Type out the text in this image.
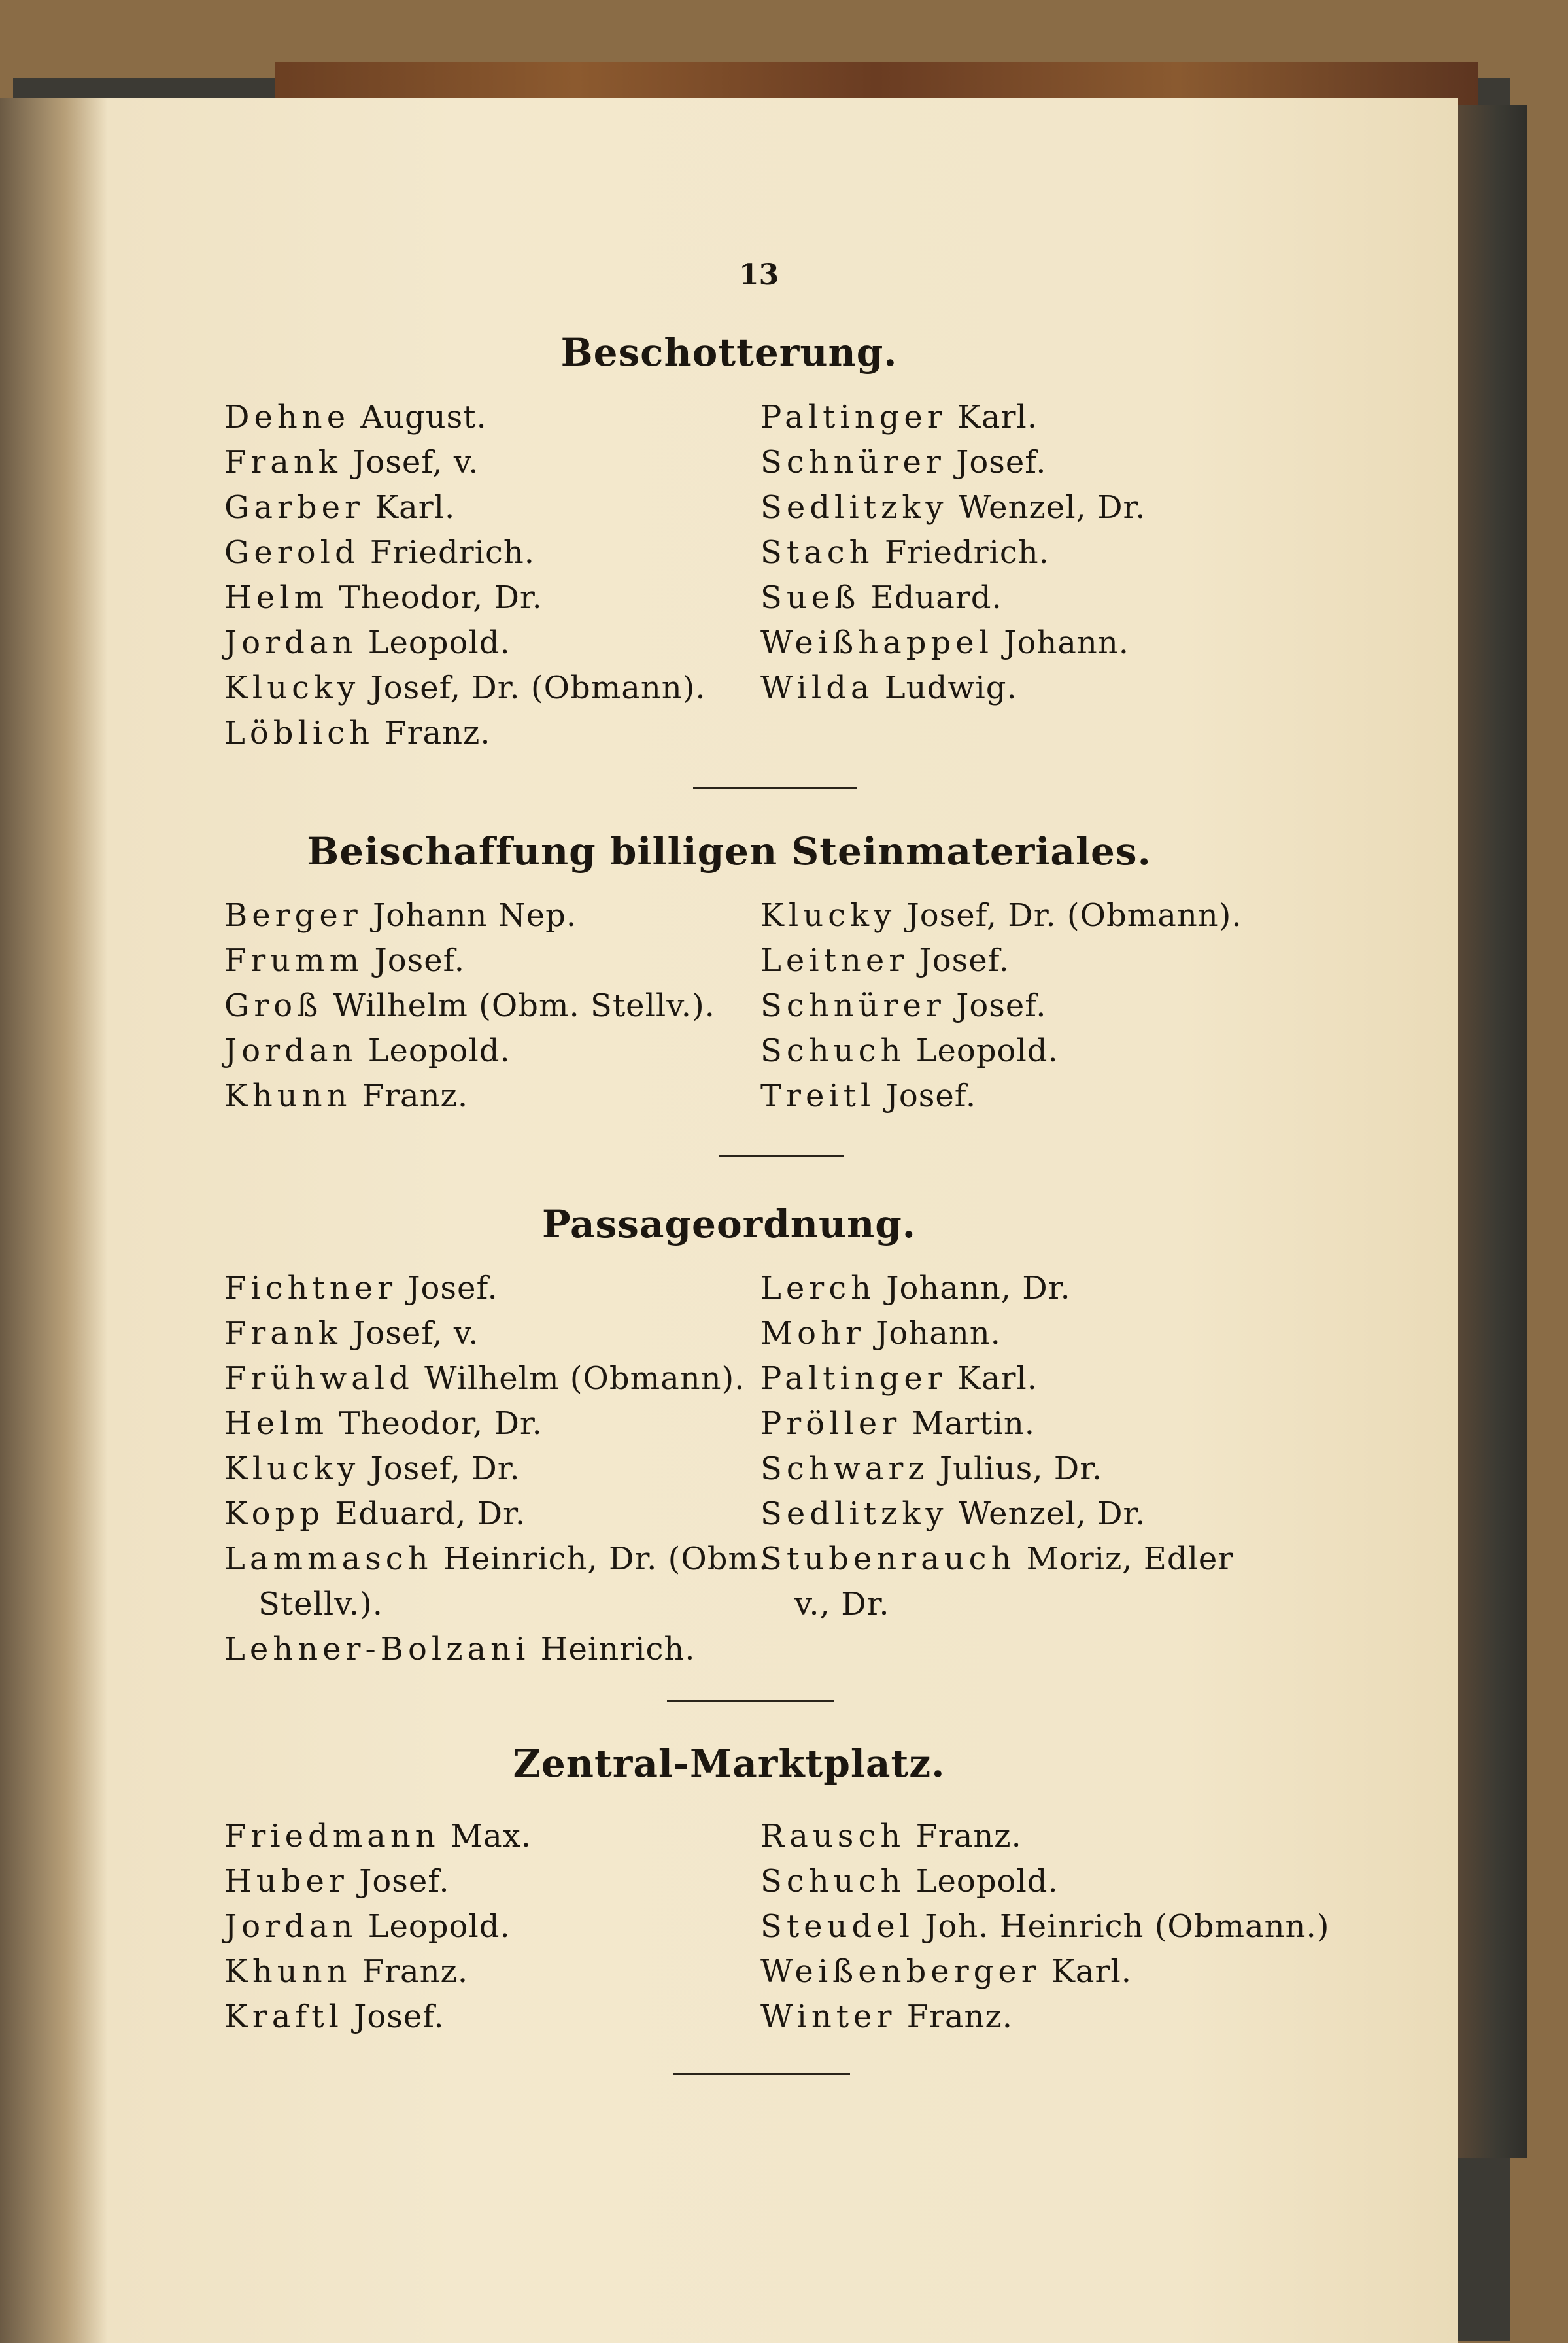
13
Beschotterung.
Dehne August.
Frank Josef, v.
Garber Karl.
Gerold Friedrich.
Helm Theodor, Dr.
Jordan Leopold.
Klucky Josef, Dr. (Obmann).
Löblich Franz.
Paltinger Karl.
Schnürer Josef.
Sedlitzky Wenzel, Dr.
Stach Friedrich.
Sueß Eduard.
Weißhappel Johann.
Wilda Ludwig.
Beischaffung billigen Steinmateriales.
Berger Johann Nep.
Frumm Josef.
Groß Wilhelm (Obm. Stellv.).
Jordan Leopold.
Khunn Franz.
Klucky Josef, Dr. (Obmann).
Leitner Josef.
Schnürer Josef.
Schuch Leopold.
Treitl Josef.
Passageordnung.
Fichtner Josef.
Frank Josef, v.
Frühwald Wilhelm (Obmann).
Helm Theodor, Dr.
Klucky Josef, Dr.
Kopp Eduard, Dr.
Lammasch Heinrich, Dr. (Obm.
Stellv.).
Lehner-Bolzani Heinrich.
Lerch Johann, Dr.
Mohr Johann.
Paltinger Karl.
Pröller Martin.
Schwarz Julius, Dr.
Sedlitzky Wenzel, Dr.
Stubenrauch Moriz, Edler
v., Dr.
Zentral-Marktplatz.
Friedmann Max.
Huber Josef.
Jordan Leopold.
Khunn Franz.
Kraftl Josef.
Rausch Franz.
Schuch Leopold.
Steudel Joh. Heinrich (Obmann.)
Weißenberger Karl.
Winter Franz.
